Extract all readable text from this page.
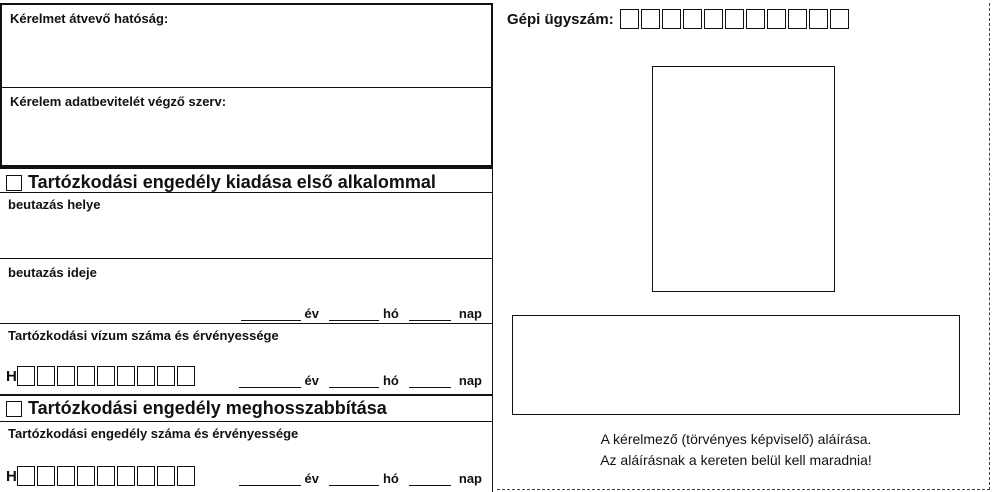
Kérelmet átvevő hatóság:
Kérelem adatbevitelét végző szerv:
Tartózkodási engedély kiadása első alkalommal
beutazás helye
beutazás ideje
év	hó	nap
Tartózkodási vízum száma és érvényessége
H	év	hó	nap
Tartózkodási engedély meghosszabbítása
Tartózkodási engedély száma és érvényessége
H	év	hó	nap
Gépi ügyszám:
A kérelmező (törvényes képviselő) aláírása.
Az aláírásnak a kereten belül kell maradnia!
